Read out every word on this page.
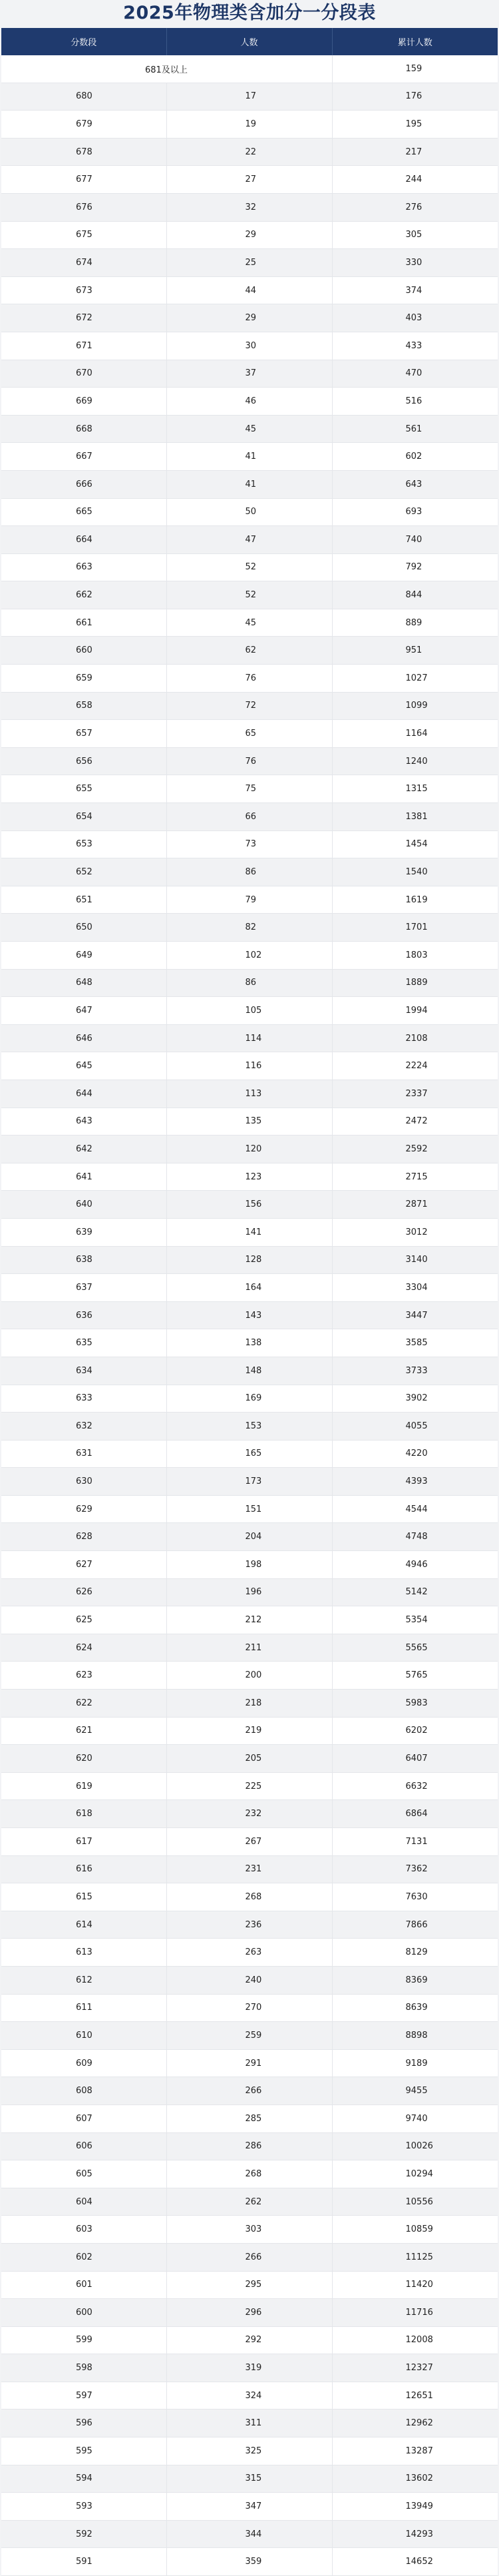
2025年物理类含加分一分段表
分数段	人数	累计人数
681及以上		159
680	17	176
679	19	195
678	22	217
677	27	244
676	32	276
675	29	305
674	25	330
673	44	374
672	29	403
671	30	433
670	37	470
669	46	516
668	45	561
667	41	602
666	41	643
665	50	693
664	47	740
663	52	792
662	52	844
661	45	889
660	62	951
659	76	1027
658	72	1099
657	65	1164
656	76	1240
655	75	1315
654	66	1381
653	73	1454
652	86	1540
651	79	1619
650	82	1701
649	102	1803
648	86	1889
647	105	1994
646	114	2108
645	116	2224
644	113	2337
643	135	2472
642	120	2592
641	123	2715
640	156	2871
639	141	3012
638	128	3140
637	164	3304
636	143	3447
635	138	3585
634	148	3733
633	169	3902
632	153	4055
631	165	4220
630	173	4393
629	151	4544
628	204	4748
627	198	4946
626	196	5142
625	212	5354
624	211	5565
623	200	5765
622	218	5983
621	219	6202
620	205	6407
619	225	6632
618	232	6864
617	267	7131
616	231	7362
615	268	7630
614	236	7866
613	263	8129
612	240	8369
611	270	8639
610	259	8898
609	291	9189
608	266	9455
607	285	9740
606	286	10026
605	268	10294
604	262	10556
603	303	10859
602	266	11125
601	295	11420
600	296	11716
599	292	12008
598	319	12327
597	324	12651
596	311	12962
595	325	13287
594	315	13602
593	347	13949
592	344	14293
591	359	14652
